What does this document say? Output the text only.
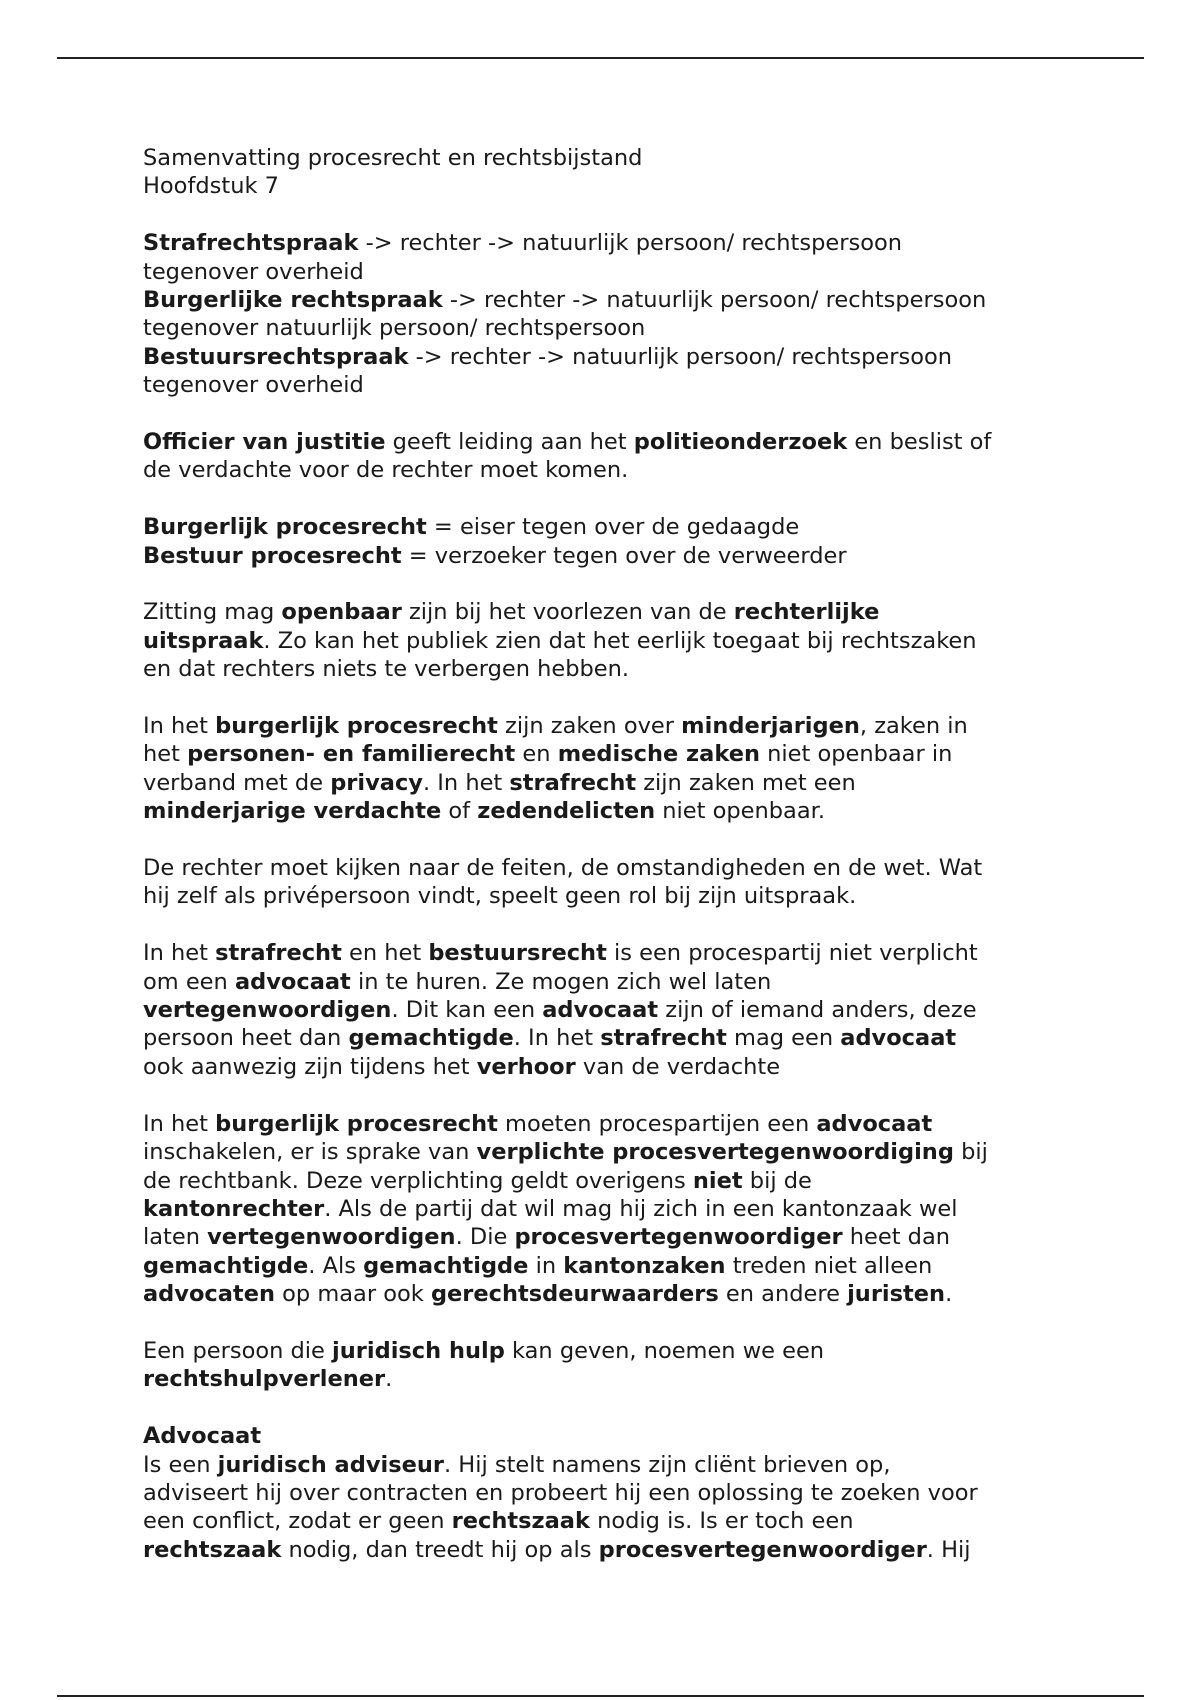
Samenvatting procesrecht en rechtsbijstand
Hoofdstuk 7
Strafrechtspraak -> rechter -> natuurlijk persoon/ rechtspersoon
tegenover overheid
Burgerlijke rechtspraak -> rechter -> natuurlijk persoon/ rechtspersoon
tegenover natuurlijk persoon/ rechtspersoon
Bestuursrechtspraak -> rechter -> natuurlijk persoon/ rechtspersoon
tegenover overheid
Officier van justitie geeft leiding aan het politieonderzoek en beslist of
de verdachte voor de rechter moet komen.
Burgerlijk procesrecht = eiser tegen over de gedaagde
Bestuur procesrecht = verzoeker tegen over de verweerder
Zitting mag openbaar zijn bij het voorlezen van de rechterlijke
uitspraak. Zo kan het publiek zien dat het eerlijk toegaat bij rechtszaken
en dat rechters niets te verbergen hebben.
In het burgerlijk procesrecht zijn zaken over minderjarigen, zaken in
het personen- en familierecht en medische zaken niet openbaar in
verband met de privacy. In het strafrecht zijn zaken met een
minderjarige verdachte of zedendelicten niet openbaar.
De rechter moet kijken naar de feiten, de omstandigheden en de wet. Wat
hij zelf als privépersoon vindt, speelt geen rol bij zijn uitspraak.
In het strafrecht en het bestuursrecht is een procespartij niet verplicht
om een advocaat in te huren. Ze mogen zich wel laten
vertegenwoordigen. Dit kan een advocaat zijn of iemand anders, deze
persoon heet dan gemachtigde. In het strafrecht mag een advocaat
ook aanwezig zijn tijdens het verhoor van de verdachte
In het burgerlijk procesrecht moeten procespartijen een advocaat
inschakelen, er is sprake van verplichte procesvertegenwoordiging bij
de rechtbank. Deze verplichting geldt overigens niet bij de
kantonrechter. Als de partij dat wil mag hij zich in een kantonzaak wel
laten vertegenwoordigen. Die procesvertegenwoordiger heet dan
gemachtigde. Als gemachtigde in kantonzaken treden niet alleen
advocaten op maar ook gerechtsdeurwaarders en andere juristen.
Een persoon die juridisch hulp kan geven, noemen we een
rechtshulpverlener.
Advocaat
Is een juridisch adviseur. Hij stelt namens zijn cliënt brieven op,
adviseert hij over contracten en probeert hij een oplossing te zoeken voor
een conflict, zodat er geen rechtszaak nodig is. Is er toch een
rechtszaak nodig, dan treedt hij op als procesvertegenwoordiger. Hij
